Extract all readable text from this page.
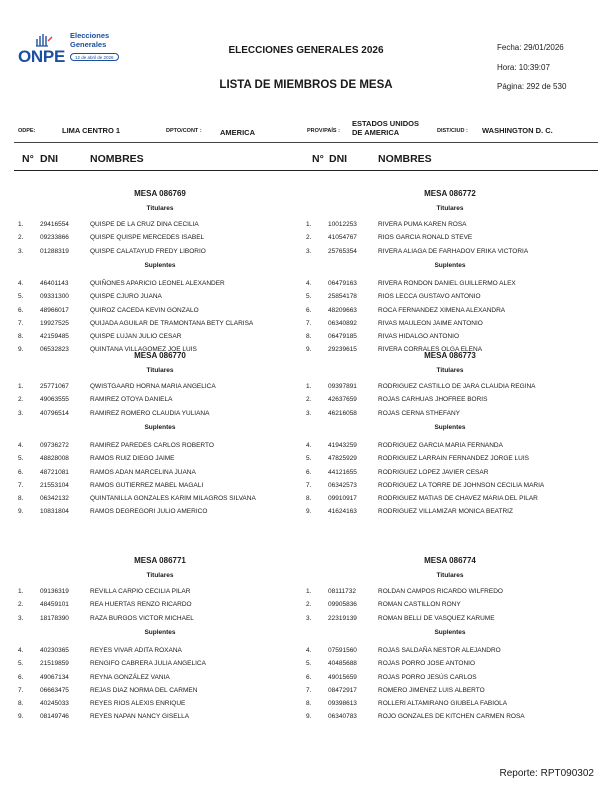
ONPE
Elecciones
Generales
12 de abril de 2026
ELECCIONES GENERALES 2026
LISTA DE MIEMBROS DE MESA
Fecha: 29/01/2026
Hora: 10:39:07
Página: 292 de 530
ODPE:	LIMA CENTRO 1	DPTO/CONT : AMERICA	PROV/PAÍS :
ESTADOS UNIDOS
DE AMERICA	DIST/CIUD : WASHINGTON D. C.
N° DNI	NOMBRES	N° DNI	NOMBRES
MESA 086769
Titulares
1.	29416554	QUISPE DE LA CRUZ DINA CECILIA
2.	09233866	QUISPE QUISPE MERCEDES ISABEL
3.	01288319	QUISPE CALATAYUD FREDY LIBORIO
Suplentes
4.	46401143	QUIÑONES APARICIO LEONEL ALEXANDER
5.	09331300	QUISPE CJURO JUANA
6.	48966017	QUIROZ CACEDA KEVIN GONZALO
7.	19927525	QUIJADA AGUILAR DE TRAMONTANA BETY CLARISA
8.	42159485	QUISPE LUJAN JULIO CESAR
9.	06532823	QUINTANA VILLAGOMEZ JOE LUIS
MESA 086772
Titulares
1.	10012253	RIVERA PUMA KAREN ROSA
2.	41054767	RIOS GARCIA RONALD STEVE
3.	25765354	RIVERA ALIAGA DE FARHADOV ERIKA VICTORIA
Suplentes
4.	06479163	RIVERA RONDON DANIEL GUILLERMO ALEX
5.	25854178	RIOS LECCA GUSTAVO ANTONIO
6.	48209663	ROCA FERNANDEZ XIMENA ALEXANDRA
7.	06340892	RIVAS MAULEON JAIME ANTONIO
8.	06479185	RIVAS HIDALGO ANTONIO
9.	29239615	RIVERA CORRALES OLGA ELENA
MESA 086770
Titulares
1.	25771067	QWISTGAARD HORNA MARIA ANGELICA
2.	49063555	RAMIREZ OTOYA DANIELA
3.	40796514	RAMIREZ ROMERO CLAUDIA YULIANA
Suplentes
4.	09736272	RAMIREZ PAREDES CARLOS ROBERTO
5.	48828008	RAMOS RUIZ DIEGO JAIME
6.	48721081	RAMOS ADAN MARCELINA JUANA
7.	21553104	RAMOS GUTIERREZ MABEL MAGALI
8.	06342132	QUINTANILLA GONZALES KARIM MILAGROS SILVANA
9.	10831804	RAMOS DEGREGORI JULIO AMERICO
MESA 086773
Titulares
1.	09397891	RODRIGUEZ CASTILLO DE JARA CLAUDIA REGINA
2.	42637659	ROJAS CARHUAS JHOFREE BORIS
3.	46216058	ROJAS CERNA STHEFANY
Suplentes
4.	41943259	RODRIGUEZ GARCIA MARIA FERNANDA
5.	47825929	RODRIGUEZ LARRAIN FERNANDEZ JORGE LUIS
6.	44121655	RODRIGUEZ LOPEZ JAVIER CESAR
7.	06342573	RODRIGUEZ LA TORRE DE JOHNSON CECILIA MARIA
8.	09910917	RODRIGUEZ MATIAS DE CHAVEZ MARIA DEL PILAR
9.	41624163	RODRIGUEZ VILLAMIZAR MONICA BEATRIZ
MESA 086771
Titulares
1.	09136319	REVILLA CARPIO CECILIA PILAR
2.	48459101	REA HUERTAS RENZO RICARDO
3.	18178390	RAZA BURGOS VICTOR MICHAEL
Suplentes
4.	40230365	REYES VIVAR ADITA ROXANA
5.	21519859	RENGIFO CABRERA JULIA ANGELICA
6.	49067134	REYNA GONZÁLEZ VANIA
7.	06663475	REJAS DIAZ NORMA DEL CARMEN
8.	40245033	REYES RIOS ALEXIS ENRIQUE
9.	08149746	REYES NAPAN NANCY GISELLA
MESA 086774
Titulares
1.	08111732	ROLDAN CAMPOS RICARDO WILFREDO
2.	09905836	ROMAN CASTILLON RONY
3.	22319139	ROMAN BELLI DE VASQUEZ KARUME
Suplentes
4.	07591560	ROJAS SALDAÑA NESTOR ALEJANDRO
5.	40485688	ROJAS PORRO JOSE ANTONIO
6.	49015659	ROJAS PORRO JESÚS CARLOS
7.	08472917	ROMERO JIMENEZ LUIS ALBERTO
8.	09398613	ROLLERI ALTAMIRANO GIUBELA FABIOLA
9.	06340783	ROJO GONZALES DE KITCHEN CARMEN ROSA
Reporte: RPT090302
